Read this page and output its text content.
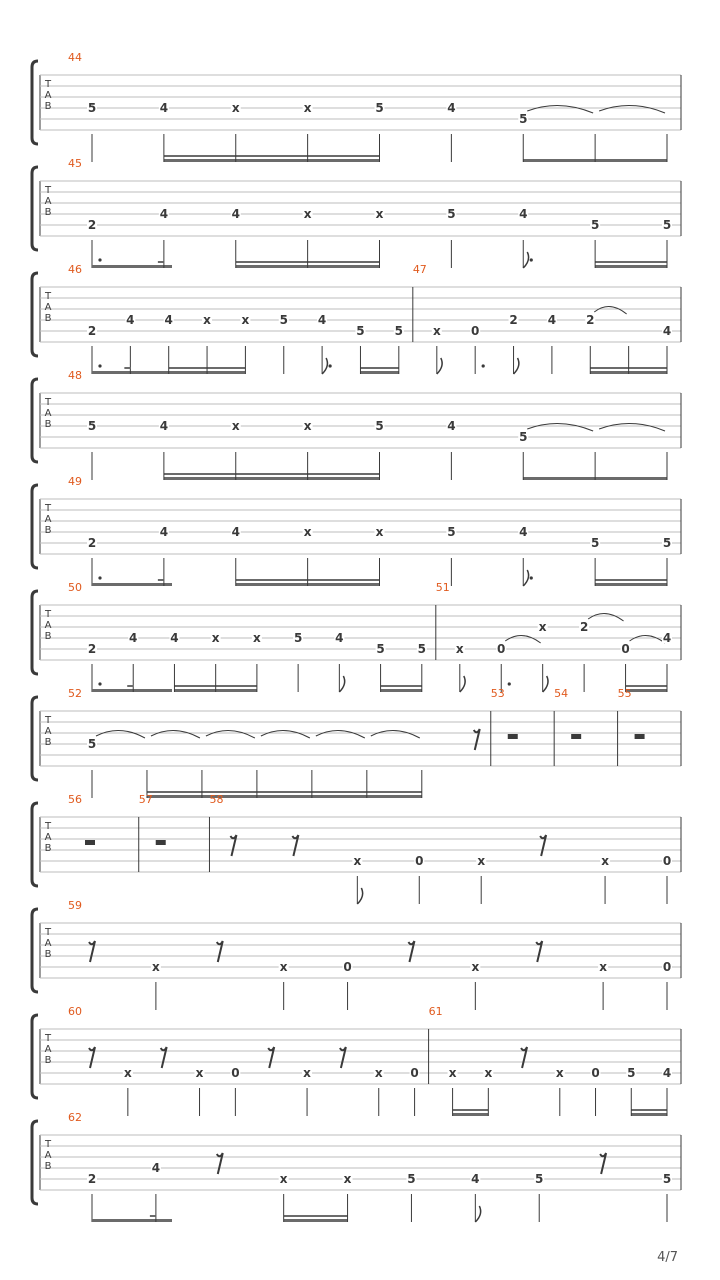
T
A
B
44
5	4	x	x	5	4
5
T
A
B
45
2
4	4	x	x	5	4
5	5
T
A
B
46
2
4 4	x	x	5 4
5 5
47
x	0
2	4	2
4
T
A
B
48
5	4	x	x	5	4
5
T
A
B
49
2
4	4	x	x	5	4
5	5
T
A
B
50
2
4	4	x	x	5	4
5	5
51
x	0
x	2
0
4
T
A
B
52
5
53	54	55
T
A
B
56	57	58
x	0	x	x	0
T
A
B
59
x	x	0	x	x	0
T
A
B
60
x	x 0	x	x 0
61
x x	x 0 5 4
T
A
B
62
2
4
x	x	5	4	5	5
4/7
